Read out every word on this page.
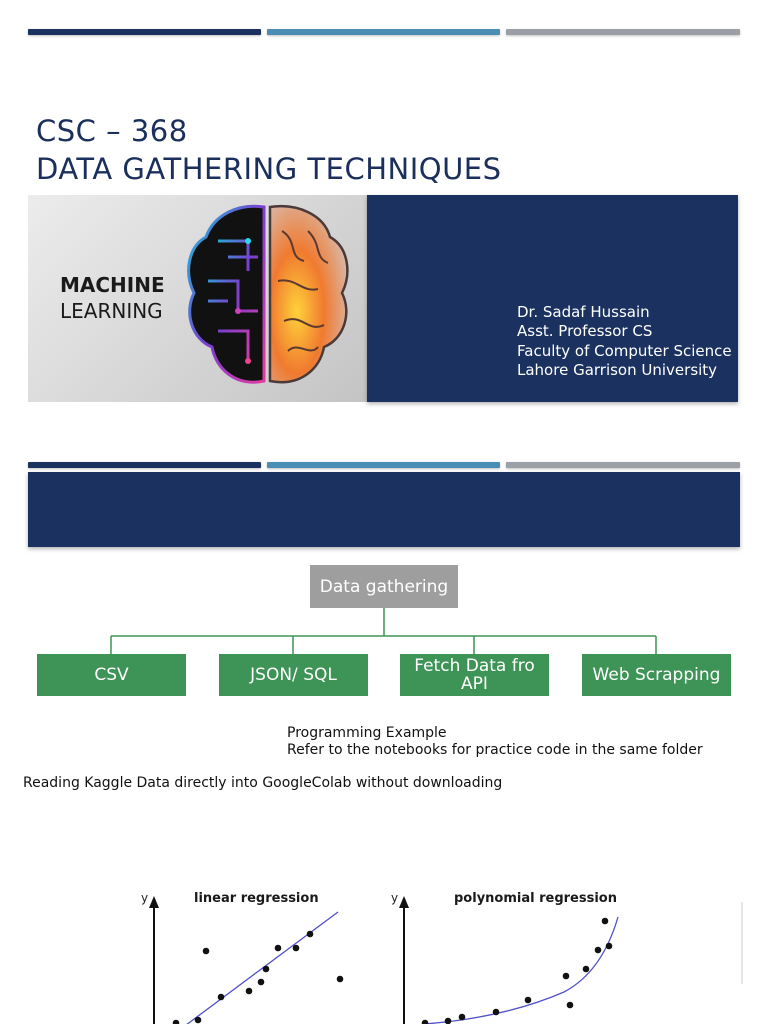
CSC – 368
DATA GATHERING TECHNIQUES
MACHINE
LEARNING	Dr. Sadaf Hussain
Asst. Professor CS
Faculty of Computer Science
Lahore Garrison University
Data gathering
CSV	JSON/ SQL	Fetch Data fro API	Web Scrapping
Programming Example
Refer to the notebooks for practice code in the same folder
Reading Kaggle Data directly into GoogleColab without downloading
linear regression	polynomial regression
y	y
